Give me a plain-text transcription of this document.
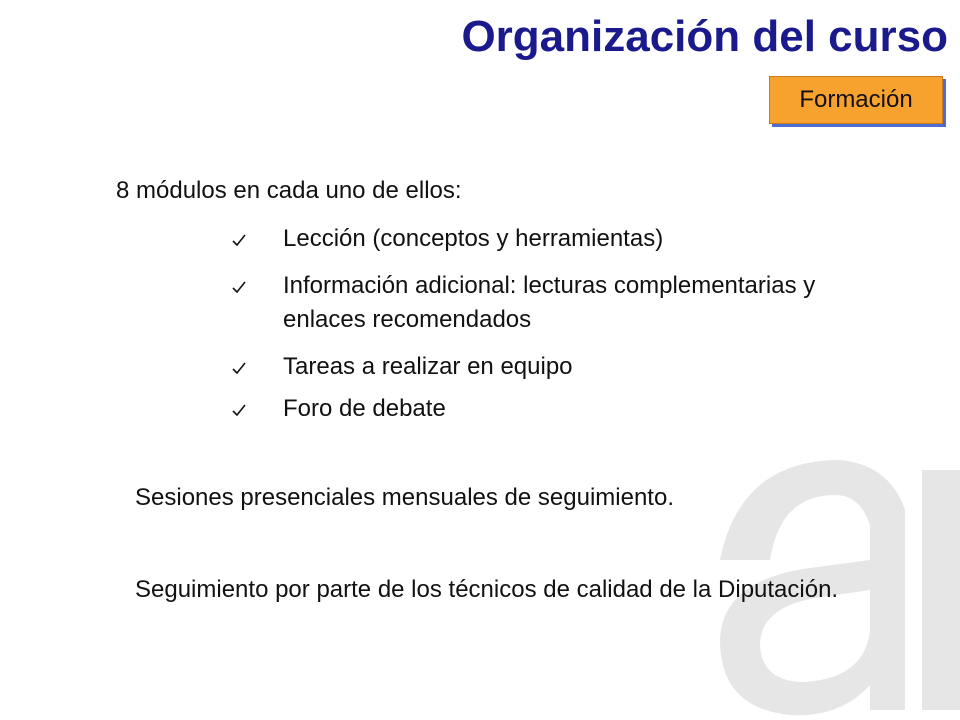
Organización del curso
Formación
8 módulos en cada uno de ellos:
Lección (conceptos y herramientas)
Información adicional: lecturas complementarias y enlaces recomendados
Tareas a realizar en equipo
Foro de debate
Sesiones presenciales mensuales de seguimiento.
Seguimiento por parte de los técnicos de calidad de la Diputación.
